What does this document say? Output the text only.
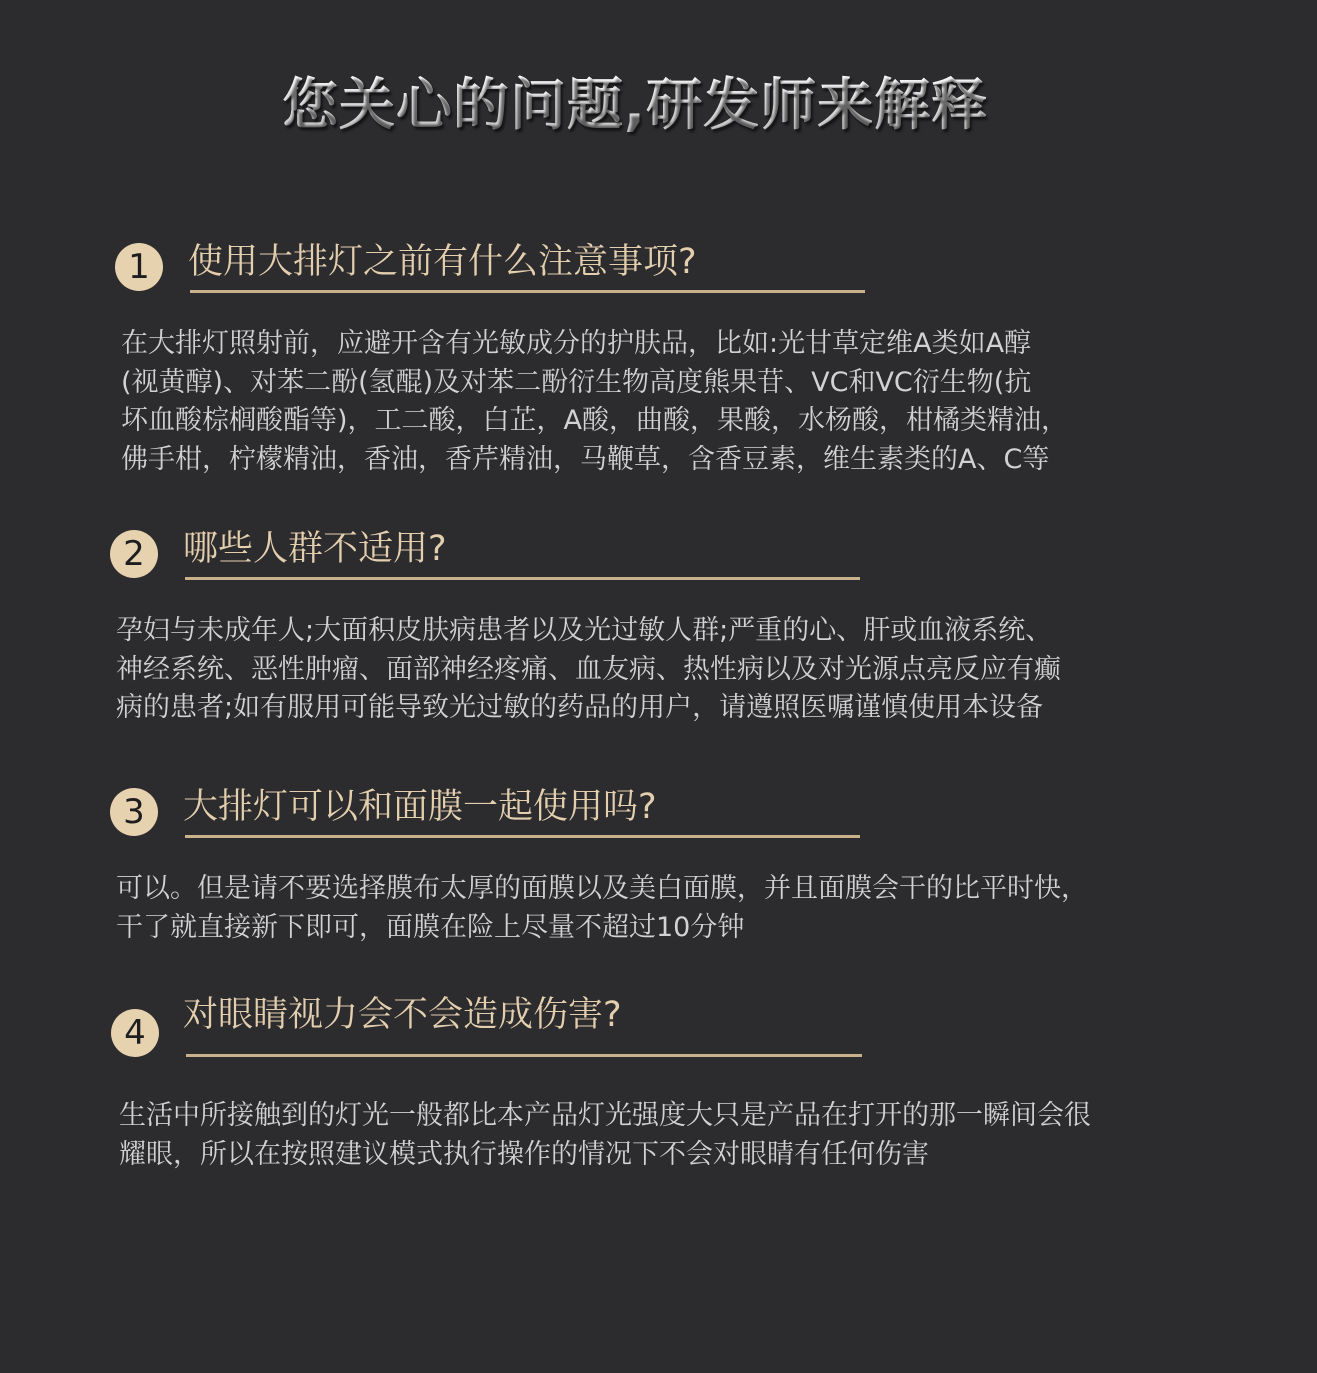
您关心的问题,研发师来解释
1	使用大排灯之前有什么注意事项?
在大排灯照射前，应避开含有光敏成分的护肤品，比如:光甘草定维A类如A醇
(视黄醇)、对苯二酚(氢醌)及对苯二酚衍生物高度熊果苷、VC和VC衍生物(抗
坏血酸棕榈酸酯等)，工二酸，白芷，A酸，曲酸，果酸，水杨酸，柑橘类精油，
佛手柑，柠檬精油，香油，香芹精油，马鞭草，含香豆素，维生素类的A、C等
2	哪些人群不适用?
孕妇与未成年人;大面积皮肤病患者以及光过敏人群;严重的心、肝或血液系统、
神经系统、恶性肿瘤、面部神经疼痛、血友病、热性病以及对光源点亮反应有癫
病的患者;如有服用可能导致光过敏的药品的用户，请遵照医嘱谨慎使用本设备
3	大排灯可以和面膜一起使用吗?
可以。但是请不要选择膜布太厚的面膜以及美白面膜，并且面膜会干的比平时快，
干了就直接新下即可，面膜在险上尽量不超过10分钟
4	对眼睛视力会不会造成伤害?
生活中所接触到的灯光一般都比本产品灯光强度大只是产品在打开的那一瞬间会很
耀眼，所以在按照建议模式执行操作的情况下不会对眼睛有任何伤害
